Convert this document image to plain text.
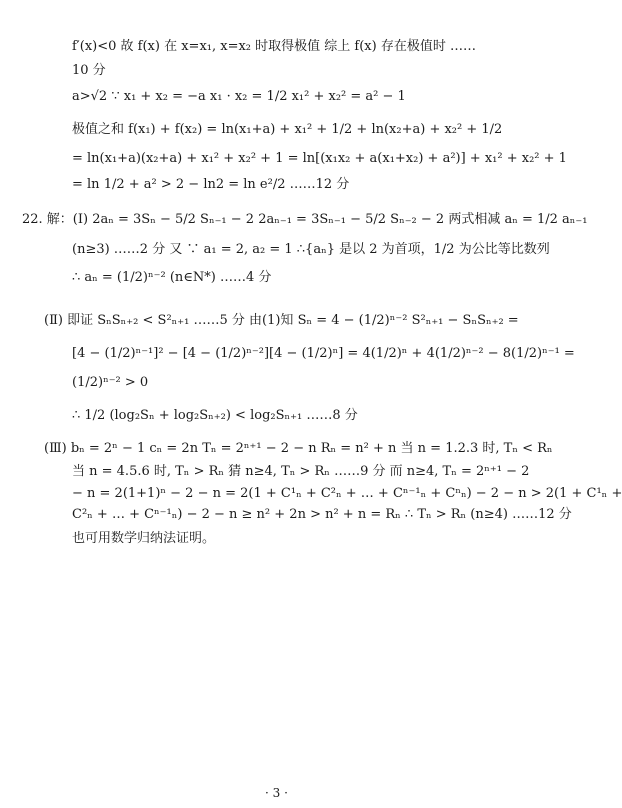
f′(x)<0 故 f(x) 在 x=x₁, x=x₂ 时取得极值 综上 f(x) 存在极值时 ……
10 分
a>√2 ∵ x₁ + x₂ = −a x₁ · x₂ = 1/2 x₁² + x₂² = a² − 1
极值之和 f(x₁) + f(x₂) = ln(x₁+a) + x₁² + 1/2 + ln(x₂+a) + x₂² + 1/2
= ln(x₁+a)(x₂+a) + x₁² + x₂² + 1 = ln[(x₁x₂ + a(x₁+x₂) + a²)] + x₁² + x₂² + 1
= ln 1/2 + a² > 2 − ln2 = ln e²/2 ……12 分
22. 解：(Ⅰ) 2aₙ = 3Sₙ − 5/2 Sₙ₋₁ − 2 2aₙ₋₁ = 3Sₙ₋₁ − 5/2 Sₙ₋₂ − 2 两式相减 aₙ = 1/2 aₙ₋₁
(n≥3) ……2 分 又 ∵ a₁ = 2, a₂ = 1 ∴{aₙ} 是以 2 为首项，1/2 为公比等比数列
∴ aₙ = (1/2)ⁿ⁻² (n∈N*) ……4 分
(Ⅱ) 即证 SₙSₙ₊₂ < S²ₙ₊₁ ……5 分 由(1)知 Sₙ = 4 − (1/2)ⁿ⁻² S²ₙ₊₁ − SₙSₙ₊₂ =
[4 − (1/2)ⁿ⁻¹]² − [4 − (1/2)ⁿ⁻²][4 − (1/2)ⁿ] = 4(1/2)ⁿ + 4(1/2)ⁿ⁻² − 8(1/2)ⁿ⁻¹ =
(1/2)ⁿ⁻² > 0
∴ 1/2 (log₂Sₙ + log₂Sₙ₊₂) < log₂Sₙ₊₁ ……8 分
(Ⅲ) bₙ = 2ⁿ − 1 cₙ = 2n Tₙ = 2ⁿ⁺¹ − 2 − n Rₙ = n² + n 当 n = 1.2.3 时, Tₙ < Rₙ
当 n = 4.5.6 时, Tₙ > Rₙ 猜 n≥4, Tₙ > Rₙ ……9 分 而 n≥4, Tₙ = 2ⁿ⁺¹ − 2
− n = 2(1+1)ⁿ − 2 − n = 2(1 + C¹ₙ + C²ₙ + … + Cⁿ⁻¹ₙ + Cⁿₙ) − 2 − n > 2(1 + C¹ₙ +
C²ₙ + … + Cⁿ⁻¹ₙ) − 2 − n ≥ n² + 2n > n² + n = Rₙ ∴ Tₙ > Rₙ (n≥4) ……12 分
也可用数学归纳法证明。
· 3 ·
